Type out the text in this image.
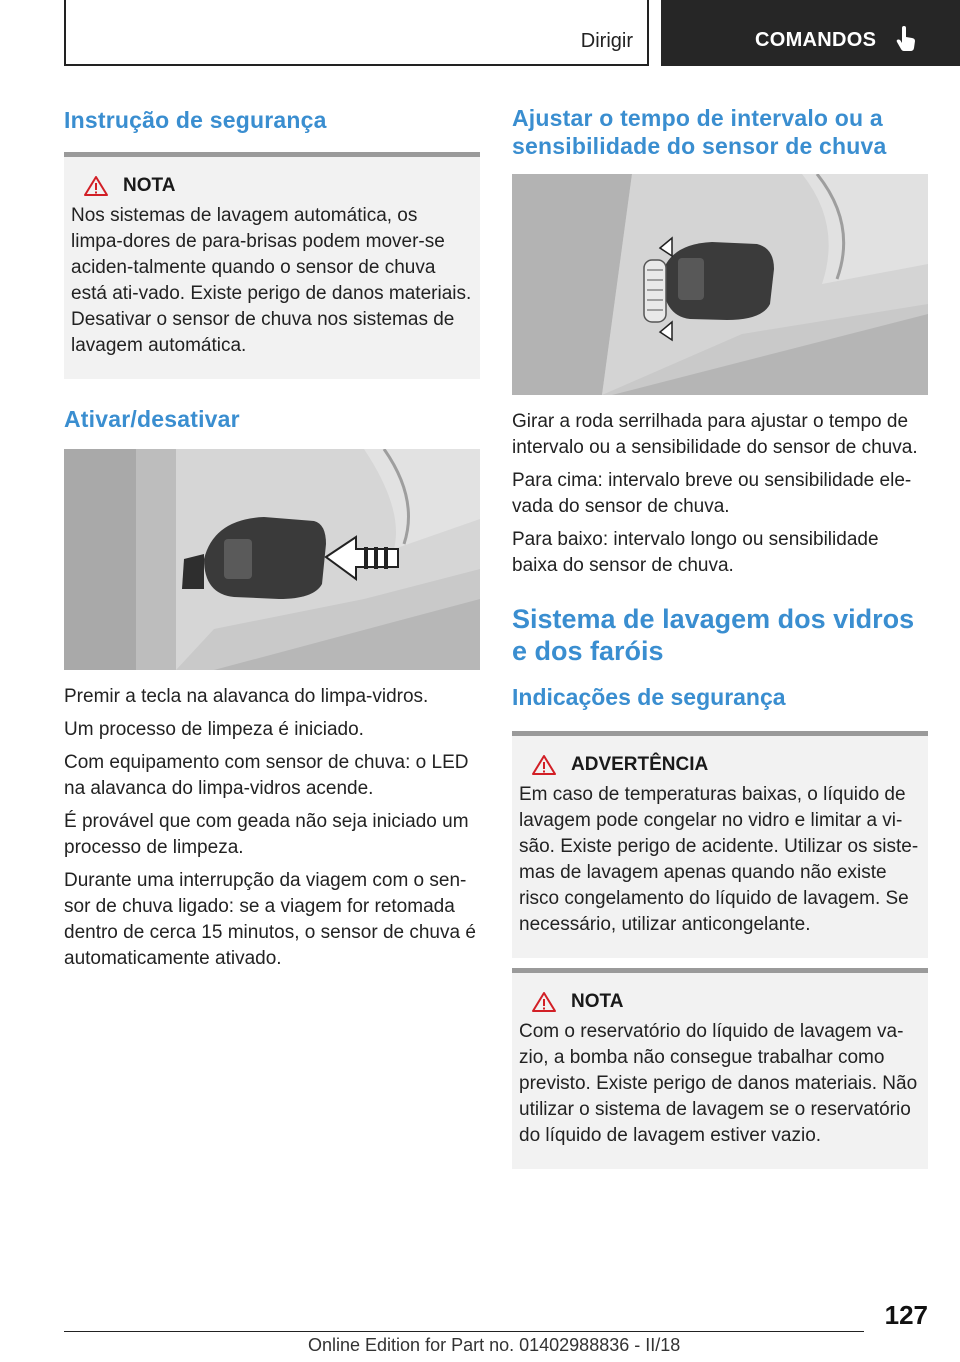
Dirigir	COMANDOS
Instrução de segurança
NOTA
Nos sistemas de lavagem automática, os limpa-dores de para-brisas podem mover-se aciden-talmente quando o sensor de chuva está ati-vado. Existe perigo de danos materiais. Desativar o sensor de chuva nos sistemas de lavagem automática.
Ativar/desativar

Premir a tecla na alavanca do limpa-vidros.

Um processo de limpeza é iniciado.

Com equipamento com sensor de chuva: o LED na alavanca do limpa-vidros acende.

É provável que com geada não seja iniciado um processo de limpeza.

Durante uma interrupção da viagem com o sen-sor de chuva ligado: se a viagem for retomada dentro de cerca 15 minutos, o sensor de chuva é automaticamente ativado.

Ajustar o tempo de intervalo ou a sensibilidade do sensor de chuva

Girar a roda serrilhada para ajustar o tempo de intervalo ou a sensibilidade do sensor de chuva.

Para cima: intervalo breve ou sensibilidade ele-vada do sensor de chuva.

Para baixo: intervalo longo ou sensibilidade baixa do sensor de chuva.

Sistema de lavagem dos vidros e dos faróis
Indicações de segurança
ADVERTÊNCIA
Em caso de temperaturas baixas, o líquido de lavagem pode congelar no vidro e limitar a vi-são. Existe perigo de acidente. Utilizar os siste-mas de lavagem apenas quando não existe risco congelamento do líquido de lavagem. Se necessário, utilizar anticongelante.
NOTA
Com o reservatório do líquido de lavagem va-zio, a bomba não consegue trabalhar como previsto. Existe perigo de danos materiais. Não utilizar o sistema de lavagem se o reservatório do líquido de lavagem estiver vazio.
127
Online Edition for Part no. 01402988836 - II/18
